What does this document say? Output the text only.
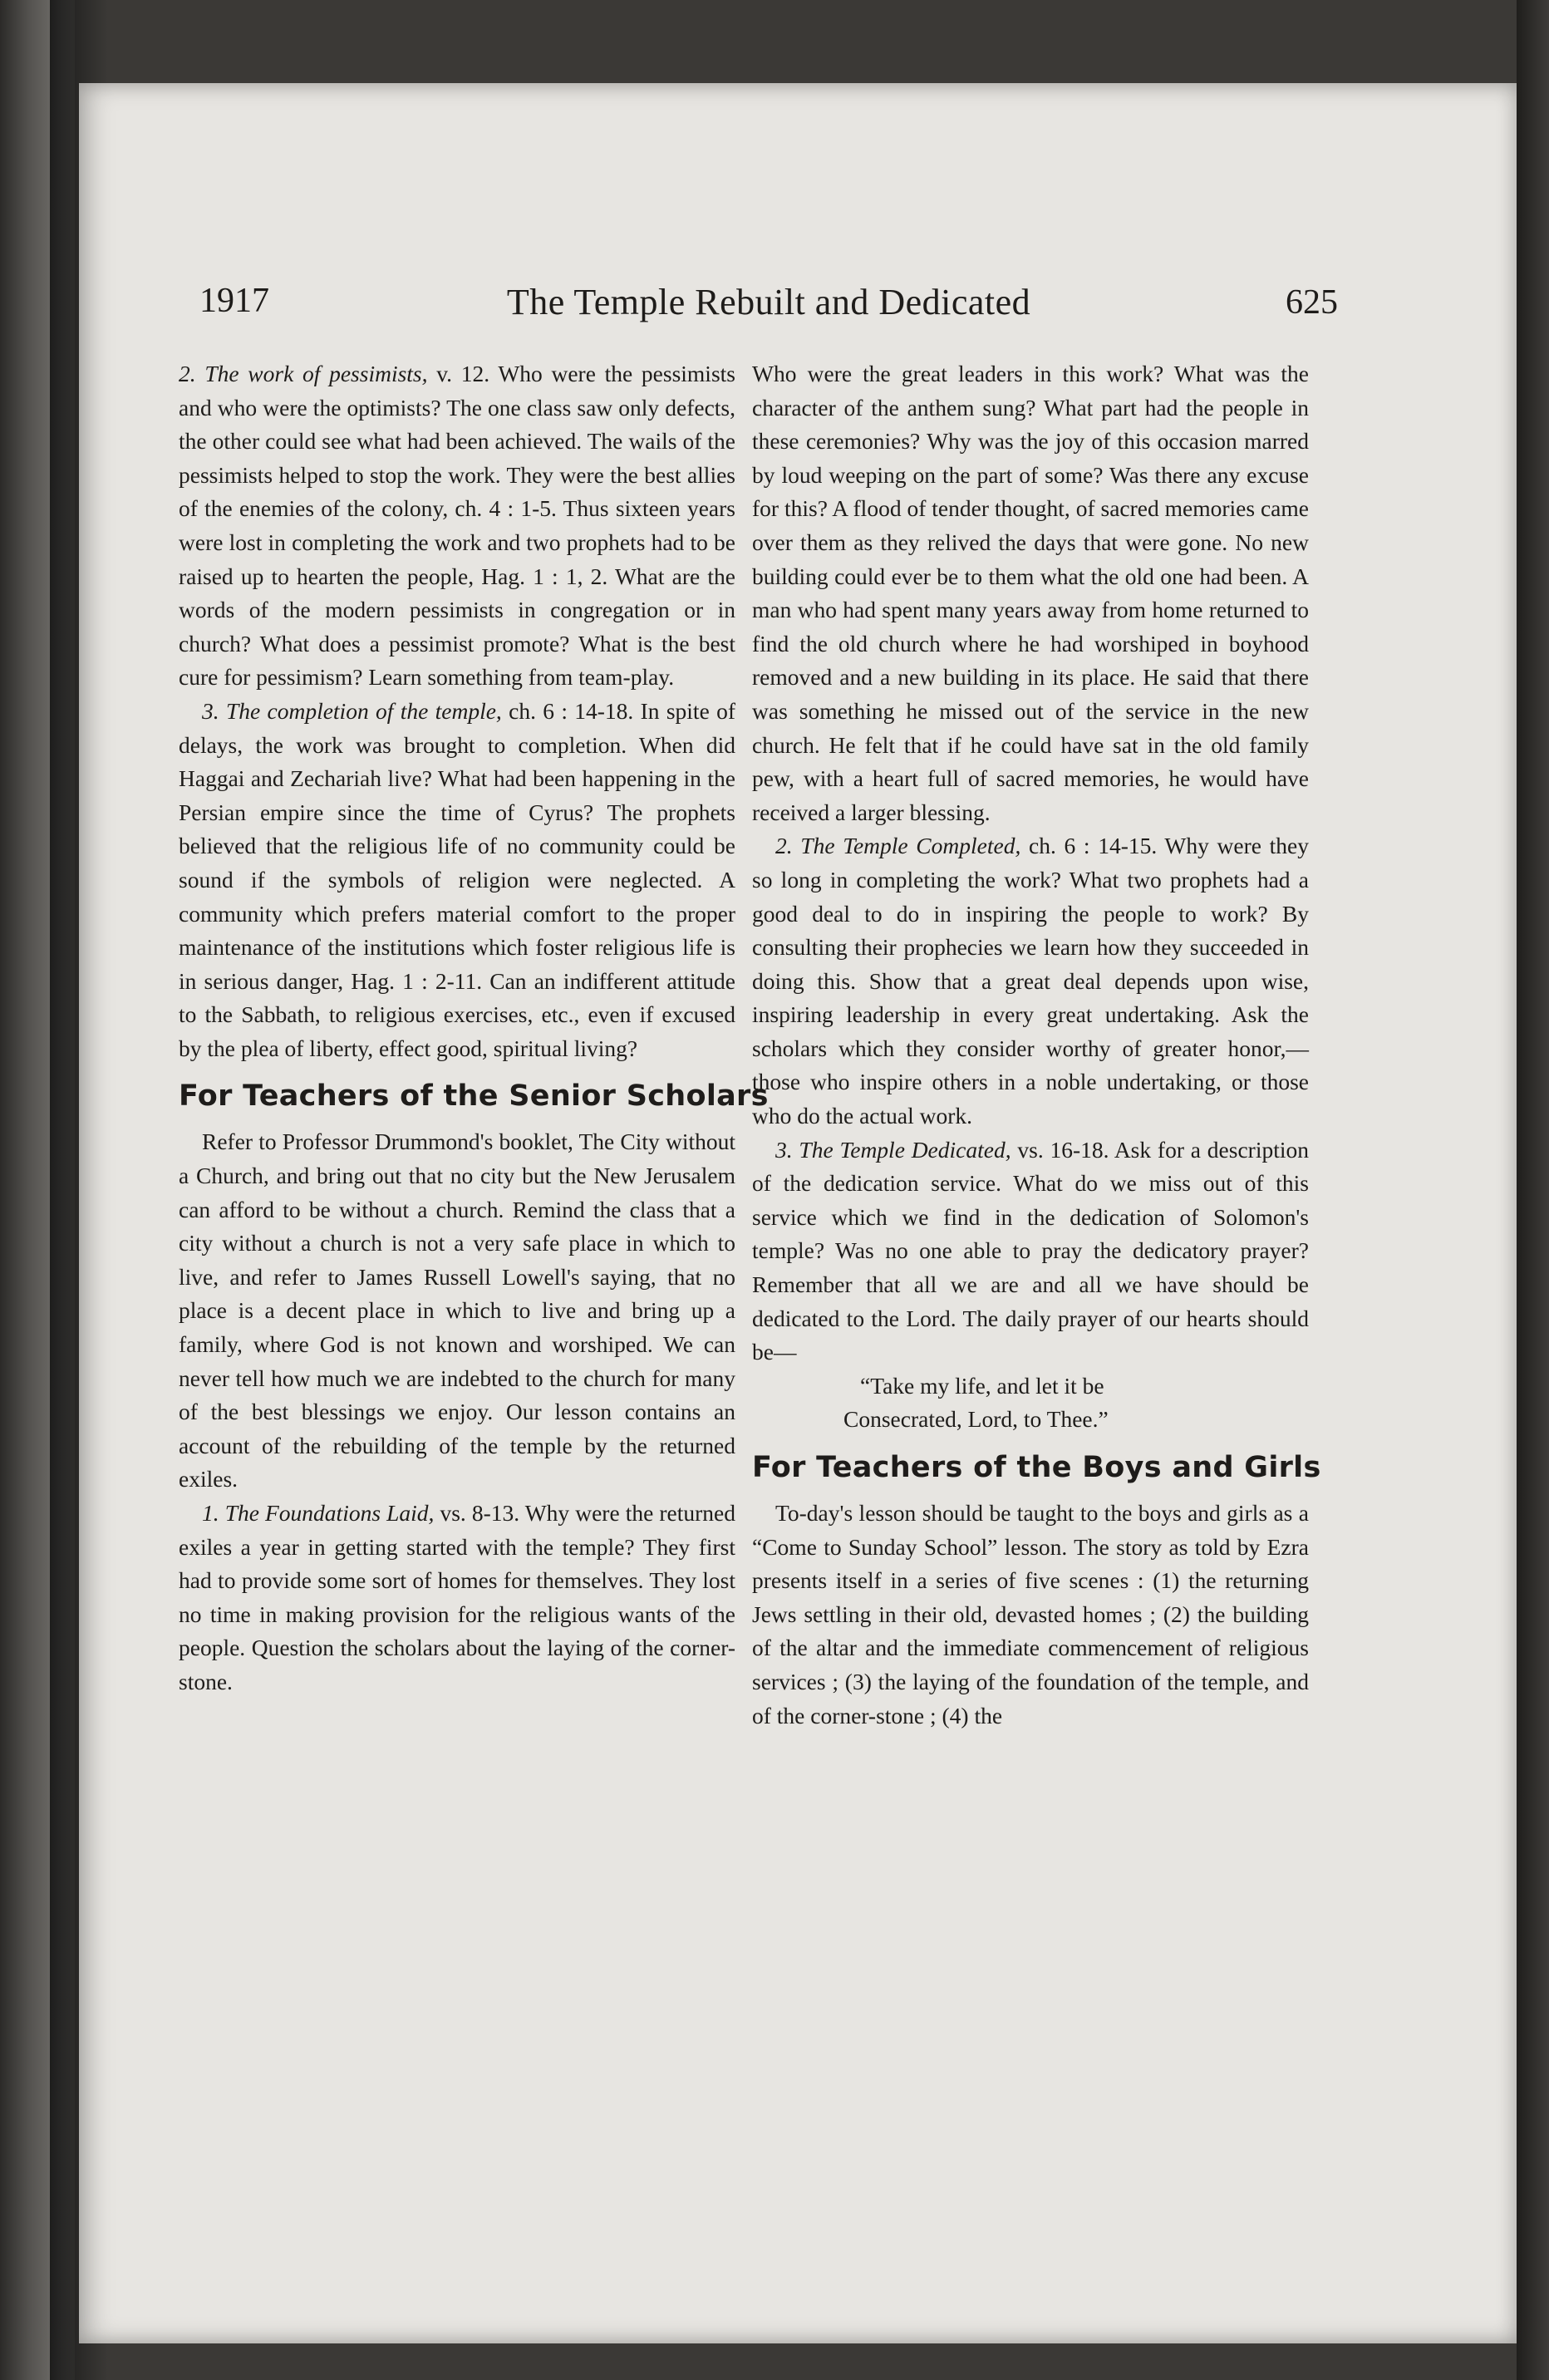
1917	The Temple Rebuilt and Dedicated	625

2. The work of pessimists, v. 12. Who were the pessimists and who were the optimists? The one class saw only defects, the other could see what had been achieved. The wails of the pessimists helped to stop the work. They were the best allies of the enemies of the colony, ch. 4 : 1-5. Thus sixteen years were lost in completing the work and two prophets had to be raised up to hearten the people, Hag. 1 : 1, 2. What are the words of the modern pessimists in congregation or in church? What does a pessimist promote? What is the best cure for pessimism? Learn something from team-play.

3. The completion of the temple, ch. 6 : 14-18. In spite of delays, the work was brought to completion. When did Haggai and Zechariah live? What had been happening in the Persian empire since the time of Cyrus? The prophets believed that the religious life of no community could be sound if the symbols of religion were neglected. A community which prefers material comfort to the proper maintenance of the institutions which foster religious life is in serious danger, Hag. 1 : 2-11. Can an indifferent attitude to the Sabbath, to religious exercises, etc., even if excused by the plea of liberty, effect good, spiritual living?

For Teachers of the Senior Scholars

Refer to Professor Drummond's booklet, The City without a Church, and bring out that no city but the New Jerusalem can afford to be without a church. Remind the class that a city without a church is not a very safe place in which to live, and refer to James Russell Lowell's saying, that no place is a decent place in which to live and bring up a family, where God is not known and worshiped. We can never tell how much we are indebted to the church for many of the best blessings we enjoy. Our lesson contains an account of the rebuilding of the temple by the returned exiles.

1. The Foundations Laid, vs. 8-13. Why were the returned exiles a year in getting started with the temple? They first had to provide some sort of homes for themselves. They lost no time in making provision for the religious wants of the people. Question the scholars about the laying of the corner-stone.

Who were the great leaders in this work? What was the character of the anthem sung? What part had the people in these ceremonies? Why was the joy of this occasion marred by loud weeping on the part of some? Was there any excuse for this? A flood of tender thought, of sacred memories came over them as they relived the days that were gone. No new building could ever be to them what the old one had been. A man who had spent many years away from home returned to find the old church where he had worshiped in boyhood removed and a new building in its place. He said that there was something he missed out of the service in the new church. He felt that if he could have sat in the old family pew, with a heart full of sacred memories, he would have received a larger blessing.

2. The Temple Completed, ch. 6 : 14-15. Why were they so long in completing the work? What two prophets had a good deal to do in inspiring the people to work? By consulting their prophecies we learn how they succeeded in doing this. Show that a great deal depends upon wise, inspiring leadership in every great undertaking. Ask the scholars which they consider worthy of greater honor,—those who inspire others in a noble undertaking, or those who do the actual work.

3. The Temple Dedicated, vs. 16-18. Ask for a description of the dedication service. What do we miss out of this service which we find in the dedication of Solomon's temple? Was no one able to pray the dedicatory prayer? Remember that all we are and all we have should be dedicated to the Lord. The daily prayer of our hearts should be—

“Take my life, and let it be
Consecrated, Lord, to Thee.”
For Teachers of the Boys and Girls

To-day's lesson should be taught to the boys and girls as a “Come to Sunday School” lesson. The story as told by Ezra presents itself in a series of five scenes : (1) the returning Jews settling in their old, devasted homes ; (2) the building of the altar and the immediate commencement of religious services ; (3) the laying of the foundation of the temple, and of the corner-stone ; (4) the
